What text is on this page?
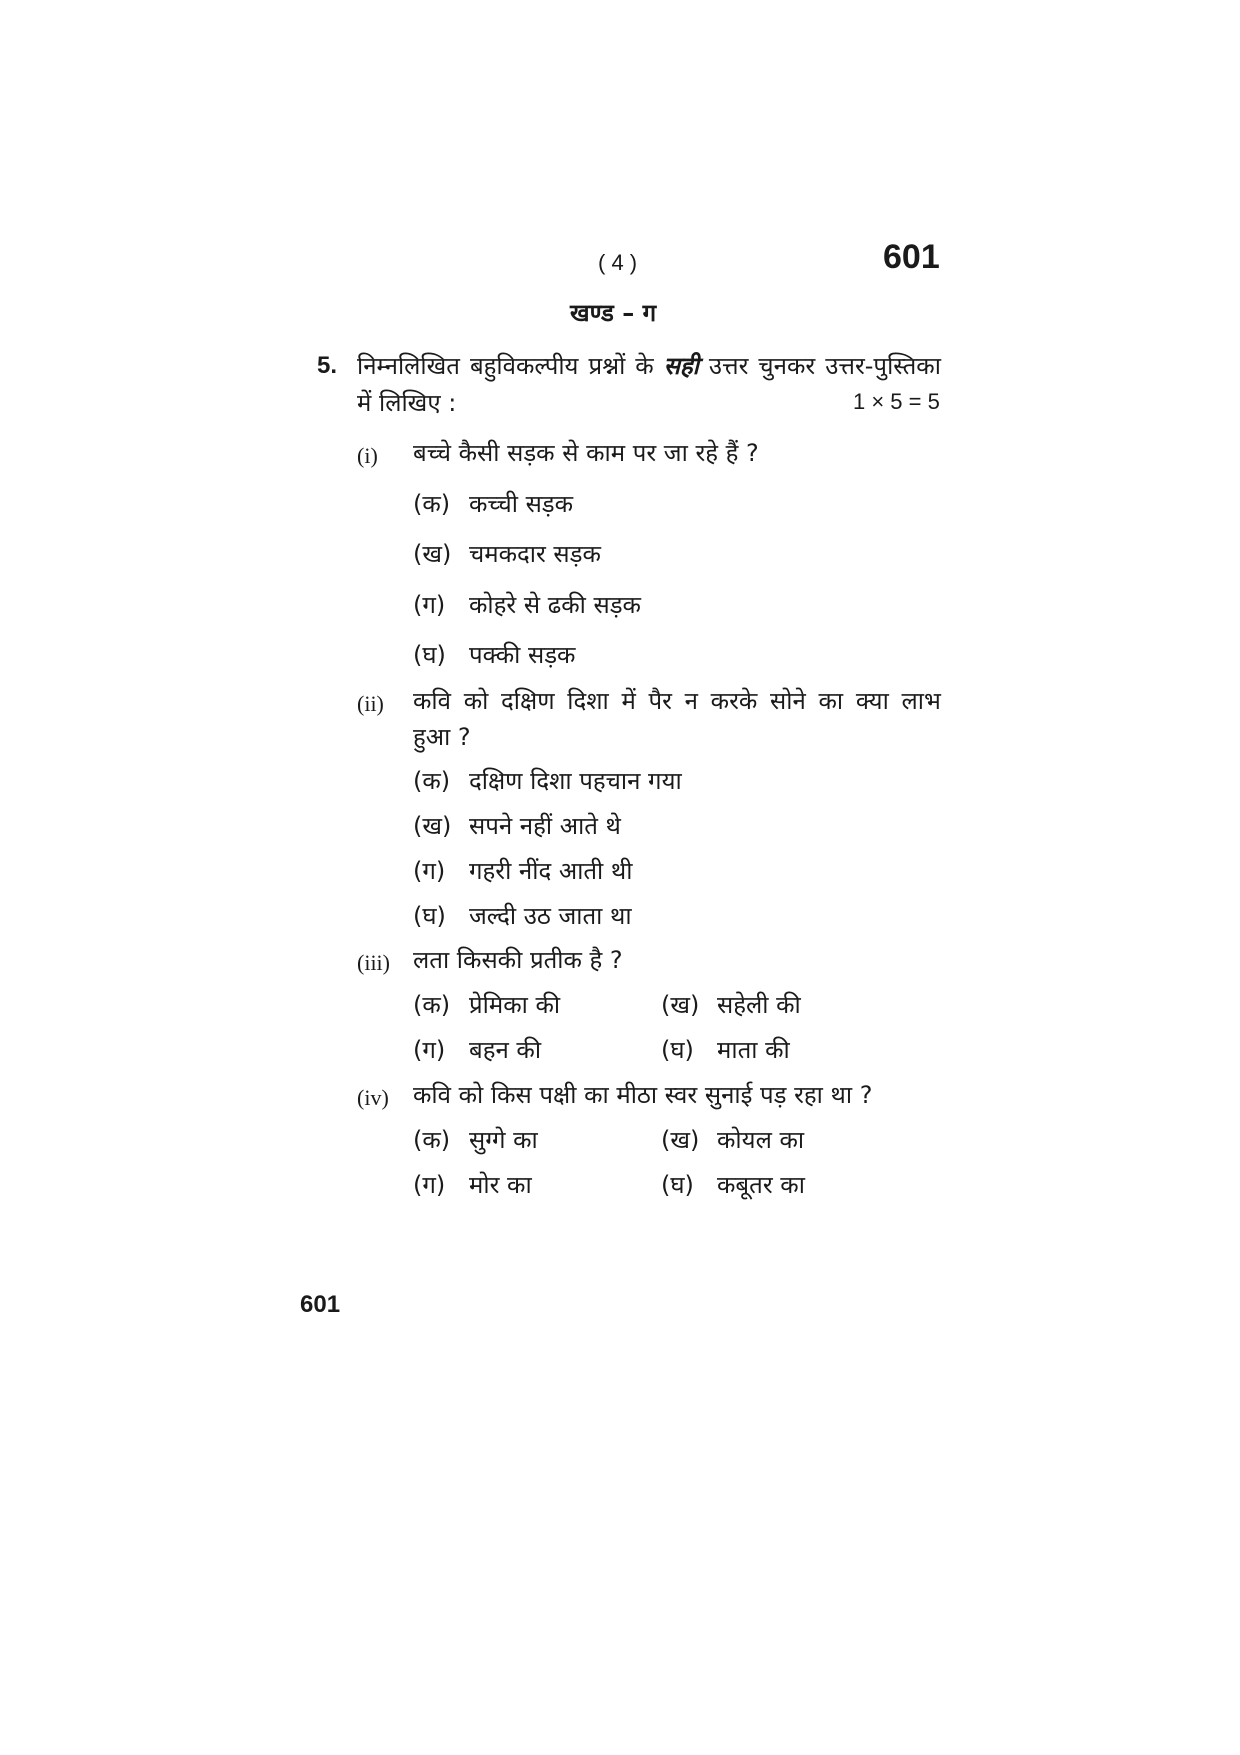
( 4 )	601
खण्ड – ग
5. निम्नलिखित बहुविकल्पीय प्रश्नों के सही उत्तर चुनकर उत्तर-पुस्तिका
में लिखिए :	1 × 5 = 5
(i) बच्चे कैसी सड़क से काम पर जा रहे हैं ?
(क) कच्ची सड़क
(ख) चमकदार सड़क
(ग) कोहरे से ढकी सड़क
(घ) पक्की सड़क
(ii) कवि को दक्षिण दिशा में पैर न करके सोने का क्या लाभ
हुआ ?
(क) दक्षिण दिशा पहचान गया
(ख) सपने नहीं आते थे
(ग) गहरी नींद आती थी
(घ) जल्दी उठ जाता था
(iii) लता किसकी प्रतीक है ?
(क) प्रेमिका की	(ख) सहेली की
(ग) बहन की	(घ) माता की
(iv) कवि को किस पक्षी का मीठा स्वर सुनाई पड़ रहा था ?
(क) सुग्गे का	(ख) कोयल का
(ग) मोर का	(घ) कबूतर का
601
